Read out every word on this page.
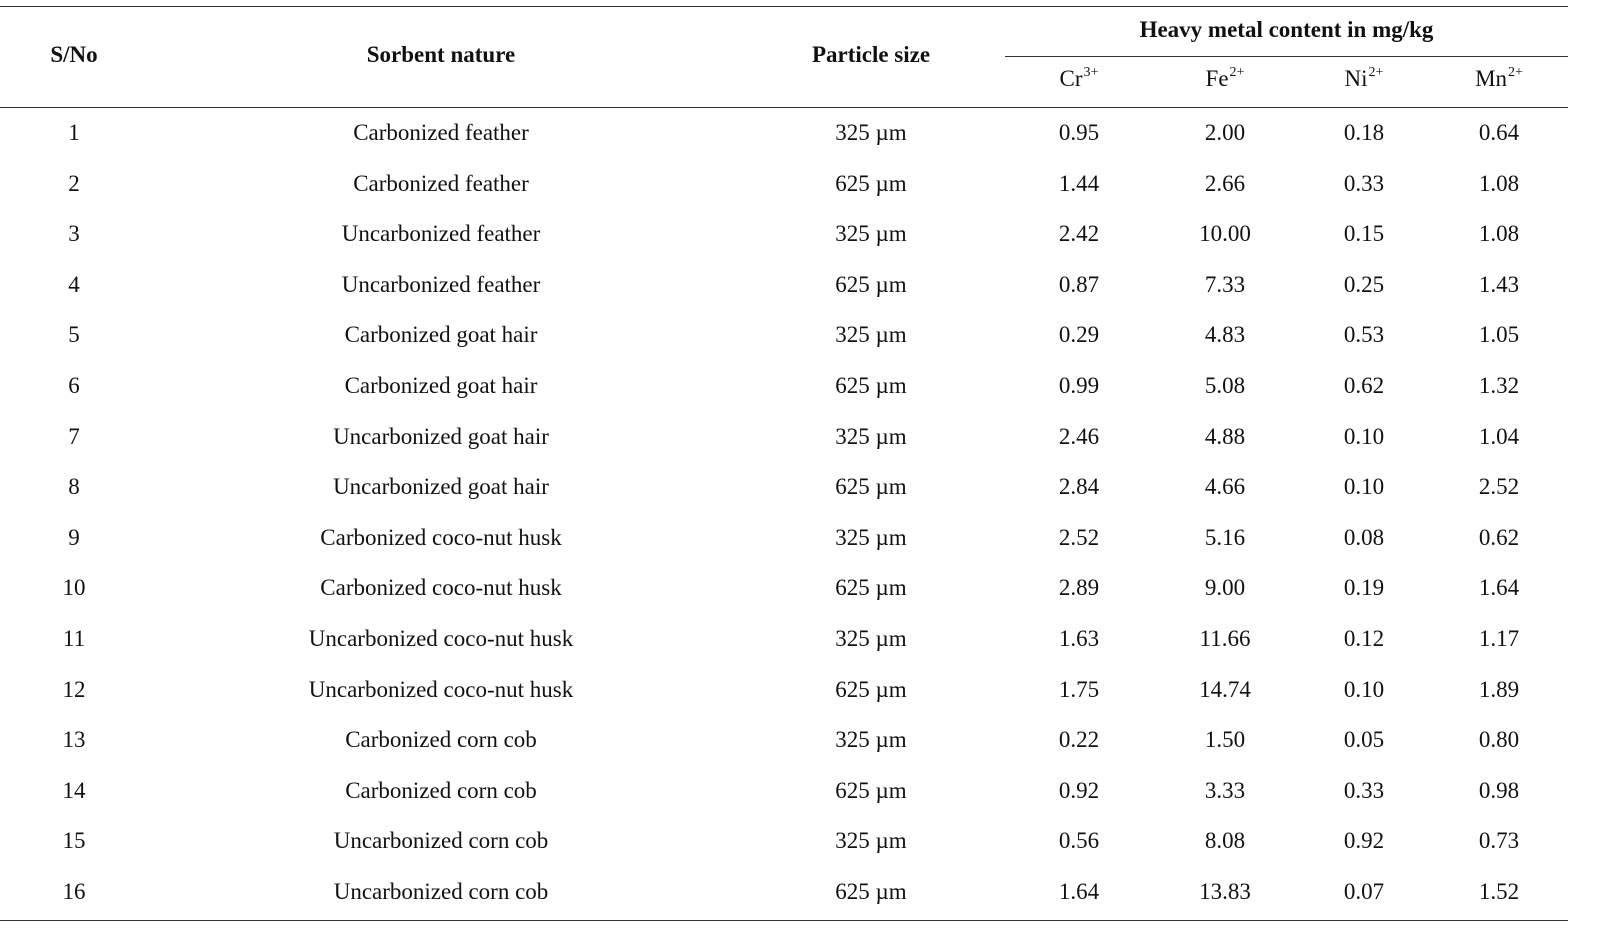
S/No	Sorbent nature	Particle size
Heavy metal content in mg/kg
$Cr^{3+}$	$Fe^{2+}$	$Ni^{2+}$	$Mn^{2+}$
1	Carbonized feather	325 µm	0.95	2.00	0.18	0.64
2	Carbonized feather	625 µm	1.44	2.66	0.33	1.08
3	Uncarbonized feather	325 µm	2.42	10.00	0.15	1.08
4	Uncarbonized feather	625 µm	0.87	7.33	0.25	1.43
5	Carbonized goat hair	325 µm	0.29	4.83	0.53	1.05
6	Carbonized goat hair	625 µm	0.99	5.08	0.62	1.32
7	Uncarbonized goat hair	325 µm	2.46	4.88	0.10	1.04
8	Uncarbonized goat hair	625 µm	2.84	4.66	0.10	2.52
9	Carbonized coco-nut husk	325 µm	2.52	5.16	0.08	0.62
10	Carbonized coco-nut husk	625 µm	2.89	9.00	0.19	1.64
11	Uncarbonized coco-nut husk	325 µm	1.63	11.66	0.12	1.17
12	Uncarbonized coco-nut husk	625 µm	1.75	14.74	0.10	1.89
13	Carbonized corn cob	325 µm	0.22	1.50	0.05	0.80
14	Carbonized corn cob	625 µm	0.92	3.33	0.33	0.98
15	Uncarbonized corn cob	325 µm	0.56	8.08	0.92	0.73
16	Uncarbonized corn cob	625 µm	1.64	13.83	0.07	1.52
